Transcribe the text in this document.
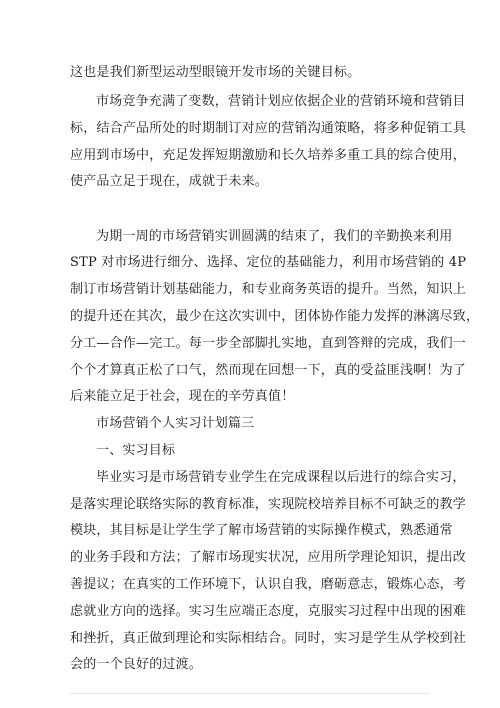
这也是我们新型运动型眼镜开发市场的关键目标。
市场竞争充满了变数，营销计划应依据企业的营销环境和营销目
标，结合产品所处的时期制订对应的营销沟通策略，将多种促销工具
应用到市场中，充足发挥短期激励和长久培养多重工具的综合使用，
使产品立足于现在，成就于未来。
为期一周的市场营销实训圆满的结束了，我们的辛勤换来利用
STP 对市场进行细分、选择、定位的基础能力，利用市场营销的 4P
制订市场营销计划基础能力，和专业商务英语的提升。当然，知识上
的提升还在其次，最少在这次实训中，团体协作能力发挥的淋漓尽致，
分工—合作—完工。每一步全部脚扎实地，直到答辩的完成，我们一
个个才算真正松了口气，然而现在回想一下，真的受益匪浅啊！为了
后来能立足于社会，现在的辛劳真值！
市场营销个人实习计划篇三
一、实习目标
毕业实习是市场营销专业学生在完成课程以后进行的综合实习，
是落实理论联络实际的教育标准，实现院校培养目标不可缺乏的教学
模块，其目标是让学生学了解市场营销的实际操作模式，熟悉通常
的业务手段和方法；了解市场现实状况，应用所学理论知识，提出改
善提议；在真实的工作环境下，认识自我，磨砺意志，锻炼心态，考
虑就业方向的选择。实习生应端正态度，克服实习过程中出现的困难
和挫折，真正做到理论和实际相结合。同时，实习是学生从学校到社
会的一个良好的过渡。
